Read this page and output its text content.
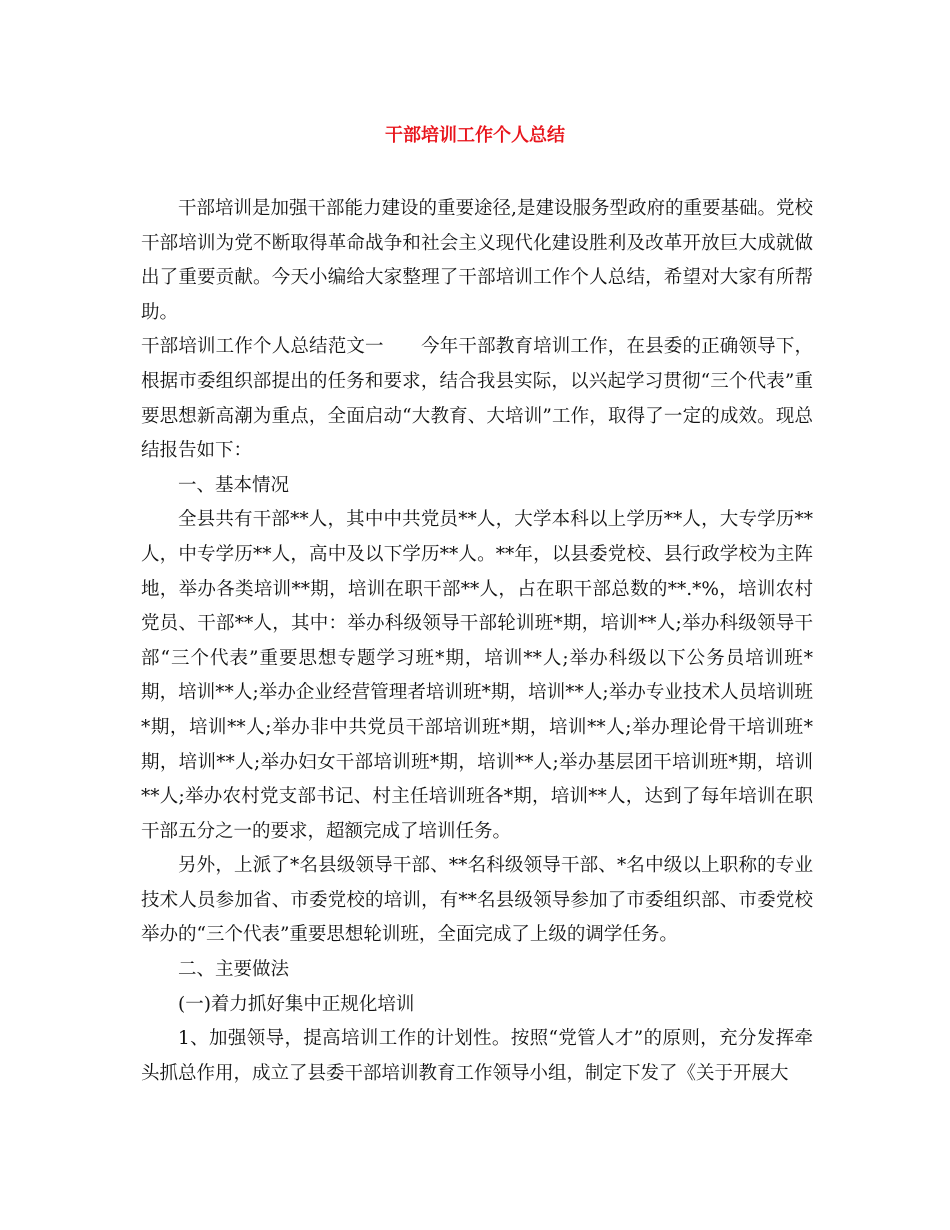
干部培训工作个人总结

干部培训是加强干部能力建设的重要途径,是建设服务型政府的重要基础。党校干部培训为党不断取得革命战争和社会主义现代化建设胜利及改革开放巨大成就做出了重要贡献。今天小编给大家整理了干部培训工作个人总结，希望对大家有所帮助。

干部培训工作个人总结范文一　　今年干部教育培训工作，在县委的正确领导下，根据市委组织部提出的任务和要求，结合我县实际，以兴起学习贯彻“三个代表”重要思想新高潮为重点，全面启动“大教育、大培训”工作，取得了一定的成效。现总结报告如下：

一、基本情况

全县共有干部**人，其中中共党员**人，大学本科以上学历**人，大专学历**人，中专学历**人，高中及以下学历**人。**年，以县委党校、县行政学校为主阵地，举办各类培训**期，培训在职干部**人，占在职干部总数的**.*%，培训农村党员、干部**人，其中：举办科级领导干部轮训班*期，培训**人;举办科级领导干部“三个代表”重要思想专题学习班*期，培训**人;举办科级以下公务员培训班*期，培训**人;举办企业经营管理者培训班*期，培训**人;举办专业技术人员培训班*期，培训**人;举办非中共党员干部培训班*期，培训**人;举办理论骨干培训班*期，培训**人;举办妇女干部培训班*期，培训**人;举办基层团干培训班*期，培训**人;举办农村党支部书记、村主任培训班各*期，培训**人，达到了每年培训在职干部五分之一的要求，超额完成了培训任务。

另外，上派了*名县级领导干部、**名科级领导干部、*名中级以上职称的专业技术人员参加省、市委党校的培训，有**名县级领导参加了市委组织部、市委党校举办的“三个代表”重要思想轮训班，全面完成了上级的调学任务。

二、主要做法

(一)着力抓好集中正规化培训

1、加强领导，提高培训工作的计划性。按照“党管人才”的原则，充分发挥牵头抓总作用，成立了县委干部培训教育工作领导小组，制定下发了《关于开展大
